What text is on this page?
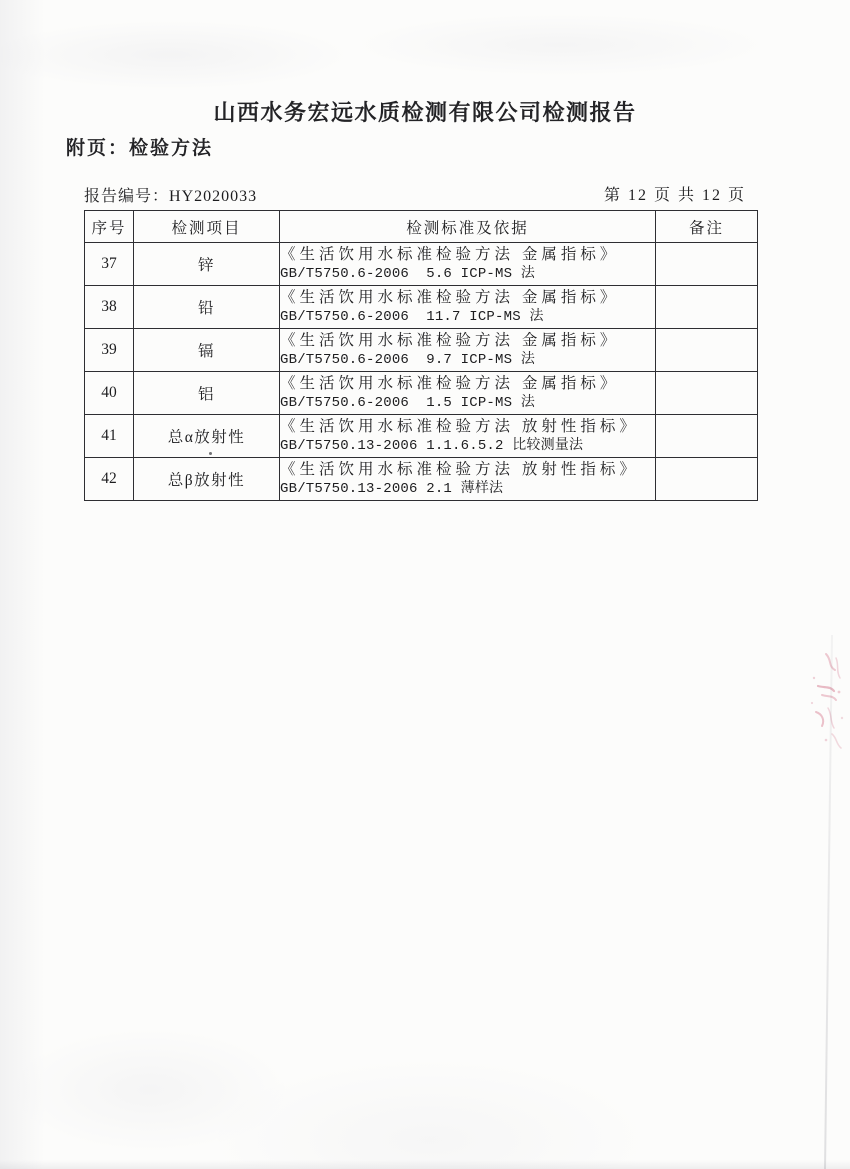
山西水务宏远水质检测有限公司检测报告
附页：检验方法
报告编号：HY2020033	第 12 页 共 12 页
序号	检测项目	检测标准及依据	备注
37	锌	《生活饮用水标准检验方法 金属指标》
GB/T5750.6-2006  5.6 ICP-MS 法	

38	铅	《生活饮用水标准检验方法 金属指标》
GB/T5750.6-2006  11.7 ICP-MS 法	

39	镉	《生活饮用水标准检验方法 金属指标》
GB/T5750.6-2006  9.7 ICP-MS 法	

40	铝	《生活饮用水标准检验方法 金属指标》
GB/T5750.6-2006  1.5 ICP-MS 法	

41	总α放射性	《生活饮用水标准检验方法 放射性指标》
GB/T5750.13-2006 1.1.6.5.2 比较测量法	

42	总β放射性	《生活饮用水标准检验方法 放射性指标》
GB/T5750.13-2006 2.1 薄样法	
